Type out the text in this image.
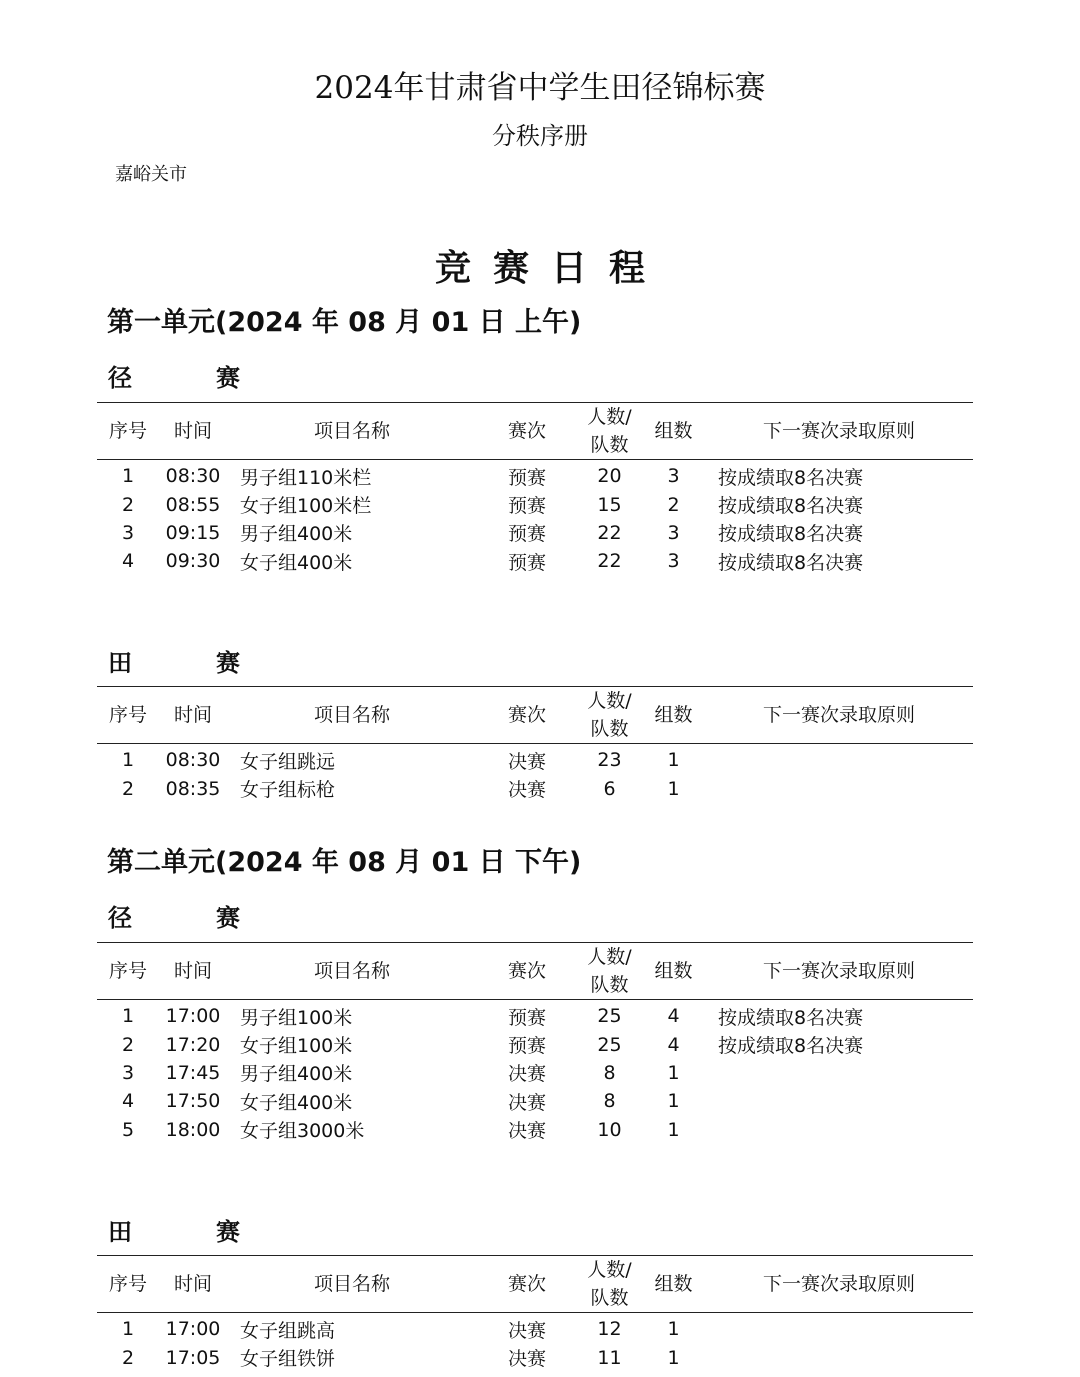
2024年甘肃省中学生田径锦标赛
分秩序册
嘉峪关市
竞赛日程
第一单元(2024 年 08 月 01 日 上午)
径　赛
序号	时间	项目名称	赛次	人数/
队数	组数	下一赛次录取原则
1	08:30	男子组110米栏	预赛	20	3	按成绩取8名决赛
2	08:55	女子组100米栏	预赛	15	2	按成绩取8名决赛
3	09:15	男子组400米	预赛	22	3	按成绩取8名决赛
4	09:30	女子组400米	预赛	22	3	按成绩取8名决赛
田　赛
序号	时间	项目名称	赛次	人数/
队数	组数	下一赛次录取原则
1	08:30	女子组跳远	决赛	23	1	
2	08:35	女子组标枪	决赛	6	1	
第二单元(2024 年 08 月 01 日 下午)
径　赛
序号	时间	项目名称	赛次	人数/
队数	组数	下一赛次录取原则
1	17:00	男子组100米	预赛	25	4	按成绩取8名决赛
2	17:20	女子组100米	预赛	25	4	按成绩取8名决赛
3	17:45	男子组400米	决赛	8	1	
4	17:50	女子组400米	决赛	8	1	
5	18:00	女子组3000米	决赛	10	1	
田　赛
序号	时间	项目名称	赛次	人数/
队数	组数	下一赛次录取原则
1	17:00	女子组跳高	决赛	12	1	
2	17:05	女子组铁饼	决赛	11	1	
